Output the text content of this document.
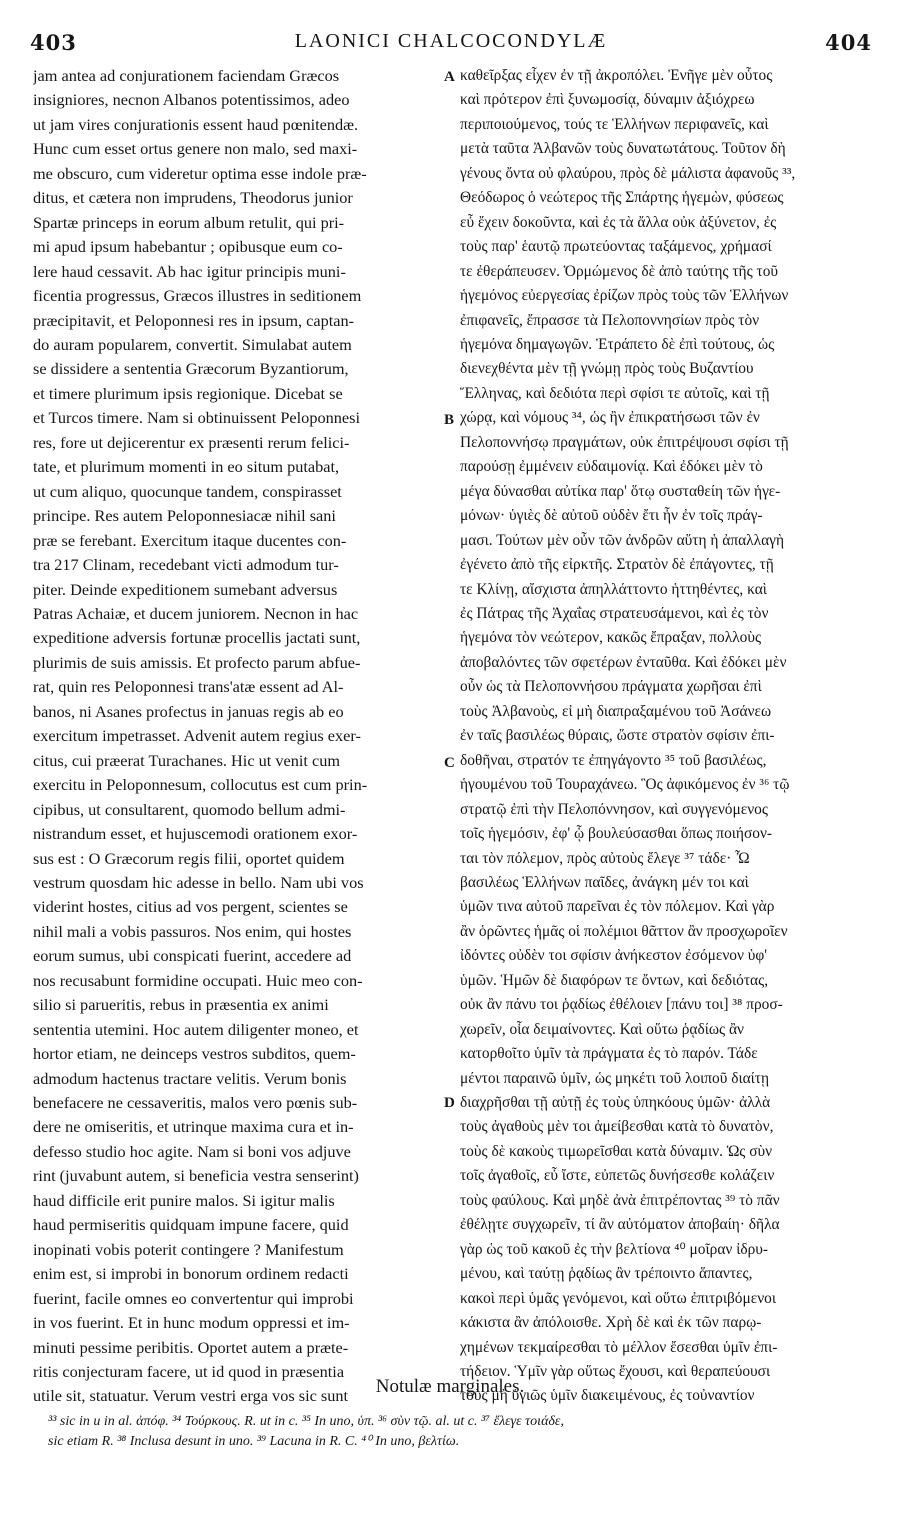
403	LAONICI CHALCOCONDYLÆ	404
jam antea ad conjurationem faciendam Græcos
insigniores, necnon Albanos potentissimos, adeo
ut jam vires conjurationis essent haud pœnitendæ.
Hunc cum esset ortus genere non malo, sed maxi-
me obscuro, cum videretur optima esse indole præ-
ditus, et cætera non imprudens, Theodorus junior
Spartæ princeps in eorum album retulit, qui pri-
mi apud ipsum habebantur ; opibusque eum co-
lere haud cessavit. Ab hac igitur principis muni-
ficentia progressus, Græcos illustres in seditionem
præcipitavit, et Peloponnesi res in ipsum, captan-
do auram popularem, convertit. Simulabat autem
se dissidere a sententia Græcorum Byzantiorum,
et timere plurimum ipsis regionique. Dicebat se
et Turcos timere. Nam si obtinuissent Peloponnesi
res, fore ut dejicerentur ex præsenti rerum felici-
tate, et plurimum momenti in eo situm putabat,
ut cum aliquo, quocunque tandem, conspirasset
principe. Res autem Peloponnesiacæ nihil sani
præ se ferebant. Exercitum itaque ducentes con-
tra 217 Clinam, recedebant victi admodum tur-
piter. Deinde expeditionem sumebant adversus
Patras Achaiæ, et ducem juniorem. Necnon in hac
expeditione adversis fortunæ procellis jactati sunt,
plurimis de suis amissis. Et profecto parum abfue-
rat, quin res Peloponnesi trans'atæ essent ad Al-
banos, ni Asanes profectus in januas regis ab eo
exercitum impetrasset. Advenit autem regius exer-
citus, cui præerat Turachanes. Hic ut venit cum
exercitu in Peloponnesum, collocutus est cum prin-
cipibus, ut consultarent, quomodo bellum admi-
nistrandum esset, et hujuscemodi orationem exor-
sus est : O Græcorum regis filii, oportet quidem
vestrum quosdam hic adesse in bello. Nam ubi vos
viderint hostes, citius ad vos pergent, scientes se
nihil mali a vobis passuros. Nos enim, qui hostes
eorum sumus, ubi conspicati fuerint, accedere ad
nos recusabunt formidine occupati. Huic meo con-
silio si parueritis, rebus in præsentia ex animi
sententia utemini. Hoc autem diligenter moneo, et
hortor etiam, ne deinceps vestros subditos, quem-
admodum hactenus tractare velitis. Verum bonis
benefacere ne cessaveritis, malos vero pœnis sub-
dere ne omiseritis, et utrinque maxima cura et in-
defesso studio hoc agite. Nam si boni vos adjuve
rint (juvabunt autem, si beneficia vestra senserint)
haud difficile erit punire malos. Si igitur malis
haud permiseritis quidquam impune facere, quid
inopinati vobis poterit contingere ? Manifestum
enim est, si improbi in bonorum ordinem redacti
fuerint, facile omnes eo convertentur qui improbi
in vos fuerint. Et in hunc modum oppressi et im-
minuti pessime peribitis. Oportet autem a præte-
ritis conjecturam facere, ut id quod in præsentia
utile sit, statuatur. Verum vestri erga vos sic sunt
A
B
C
D
καθεῖρξας εἶχεν ἐν τῇ ἀκροπόλει. Ἐνῆγε μὲν οὗτος
καὶ πρότερον ἐπὶ ξυνωμοσίᾳ, δύναμιν ἀξιόχρεω
περιποιούμενος, τούς τε Ἑλλήνων περιφανεῖς, καὶ
μετὰ ταῦτα Ἀλβανῶν τοὺς δυνατωτάτους. Τοῦτον δὴ
γένους ὄντα οὐ φλαύρου, πρὸς δὲ μάλιστα ἀφανοῦς ³³,
Θεόδωρος ὁ νεώτερος τῆς Σπάρτης ἡγεμὼν, φύσεως
εὖ ἔχειν δοκοῦντα, καὶ ἐς τὰ ἄλλα οὐκ ἀξύνετον, ἐς
τοὺς παρ' ἑαυτῷ πρωτεύοντας ταξάμενος, χρήμασί
τε ἐθεράπευσεν. Ὁρμώμενος δὲ ἀπὸ ταύτης τῆς τοῦ
ἡγεμόνος εὐεργεσίας ἐρίζων πρὸς τοὺς τῶν Ἑλλήνων
ἐπιφανεῖς, ἔπρασσε τὰ Πελοποννησίων πρὸς τὸν
ἡγεμόνα δημαγωγῶν. Ἐτράπετο δὲ ἐπὶ τούτους, ὡς
διενεχθέντα μὲν τῇ γνώμῃ πρὸς τοὺς Βυζαντίου
Ἕλληνας, καὶ δεδιότα περὶ σφίσι τε αὐτοῖς, καὶ τῇ
χώρᾳ, καὶ νόμους ³⁴, ὡς ἢν ἐπικρατήσωσι τῶν ἐν
Πελοποννήσῳ πραγμάτων, οὐκ ἐπιτρέψουσι σφίσι τῇ
παρούσῃ ἐμμένειν εὐδαιμονίᾳ. Καὶ ἐδόκει μὲν τὸ
μέγα δύνασθαι αὐτίκα παρ' ὅτῳ συσταθείη τῶν ἡγε-
μόνων· ὑγιὲς δὲ αὐτοῦ οὐδὲν ἔτι ἦν ἐν τοῖς πράγ-
μασι. Τούτων μὲν οὖν τῶν ἀνδρῶν αὕτη ἡ ἀπαλλαγὴ
ἐγένετο ἀπὸ τῆς εἰρκτῆς. Στρατὸν δὲ ἐπάγοντες, τῇ
τε Κλίνῃ, αἴσχιστα ἀπηλλάττοντο ἡττηθέντες, καὶ
ἐς Πάτρας τῆς Ἀχαΐας στρατευσάμενοι, καὶ ἐς τὸν
ἡγεμόνα τὸν νεώτερον, κακῶς ἔπραξαν, πολλοὺς
ἀποβαλόντες τῶν σφετέρων ἐνταῦθα. Καὶ ἐδόκει μὲν
οὖν ὡς τὰ Πελοποννήσου πράγματα χωρῆσαι ἐπὶ
τοὺς Ἀλβανοὺς, εἰ μὴ διαπραξαμένου τοῦ Ἀσάνεω
ἐν ταῖς βασιλέως θύραις, ὥστε στρατὸν σφίσιν ἐπι-
δοθῆναι, στρατόν τε ἐπηγάγοντο ³⁵ τοῦ βασιλέως,
ἡγουμένου τοῦ Τουραχάνεω. Ὃς ἀφικόμενος ἐν ³⁶ τῷ
στρατῷ ἐπὶ τὴν Πελοπόννησον, καὶ συγγενόμενος
τοῖς ἡγεμόσιν, ἐφ' ᾧ βουλεύσασθαι ὅπως ποιήσον-
ται τὸν πόλεμον, πρὸς αὐτοὺς ἔλεγε ³⁷ τάδε· Ὦ
βασιλέως Ἑλλήνων παῖδες, ἀνάγκη μέν τοι καὶ
ὑμῶν τινα αὐτοῦ παρεῖναι ἐς τὸν πόλεμον. Καὶ γὰρ
ἂν ὁρῶντες ἡμᾶς οἱ πολέμιοι θᾶττον ἂν προσχωροῖεν
ἰδόντες οὐδὲν τοι σφίσιν ἀνήκεστον ἐσόμενον ὑφ'
ὑμῶν. Ἡμῶν δὲ διαφόρων τε ὄντων, καὶ δεδιότας,
οὐκ ἂν πάνυ τοι ῥᾳδίως ἐθέλοιεν [πάνυ τοι] ³⁸ προσ-
χωρεῖν, οἷα δειμαίνοντες. Καὶ οὕτω ῥᾳδίως ἂν
κατορθοῖτο ὑμῖν τὰ πράγματα ἐς τὸ παρόν. Τάδε
μέντοι παραινῶ ὑμῖν, ὡς μηκέτι τοῦ λοιποῦ διαίτῃ
διαχρῆσθαι τῇ αὐτῇ ἐς τοὺς ὑπηκόους ὑμῶν· ἀλλὰ
τοὺς ἀγαθοὺς μὲν τοι ἀμείβεσθαι κατὰ τὸ δυνατὸν,
τοὺς δὲ κακοὺς τιμωρεῖσθαι κατὰ δύναμιν. Ὡς σὺν
τοῖς ἀγαθοῖς, εὖ ἴστε, εὐπετῶς δυνήσεσθε κολάζειν
τοὺς φαύλους. Καὶ μηδὲ ἀνὰ ἐπιτρέποντας ³⁹ τὸ πᾶν
ἐθέλῃτε συγχωρεῖν, τί ἂν αὐτόματον ἀποβαίη· δῆλα
γὰρ ὡς τοῦ κακοῦ ἐς τὴν βελτίονα ⁴⁰ μοῖραν ἰδρυ-
μένου, καὶ ταύτῃ ῥᾳδίως ἂν τρέποιντο ἅπαντες,
κακοὶ περὶ ὑμᾶς γενόμενοι, καὶ οὕτω ἐπιτριβόμενοι
κάκιστα ἂν ἀπόλοισθε. Χρὴ δὲ καὶ ἐκ τῶν παρῳ-
χημένων τεκμαίρεσθαι τὸ μέλλον ἔσεσθαι ὑμῖν ἐπι-
τήδειον. Ὑμῖν γὰρ οὕτως ἔχουσι, καὶ θεραπεύουσι
τοὺς μὴ ὑγιῶς ὑμῖν διακειμένους, ἐς τοὐναντίον
Notulæ marginales.
³³ sic in u in al. ἀπόφ. ³⁴ Τούρκους. R. ut in c. ³⁵ In uno, ὑπ. ³⁶ σὺν τῷ. al. ut c. ³⁷ ἔλεγε τοιάδε,
sic etiam R. ³⁸ Inclusa desunt in uno. ³⁹ Lacuna in R. C. ⁴⁰ In uno, βελτίω.
